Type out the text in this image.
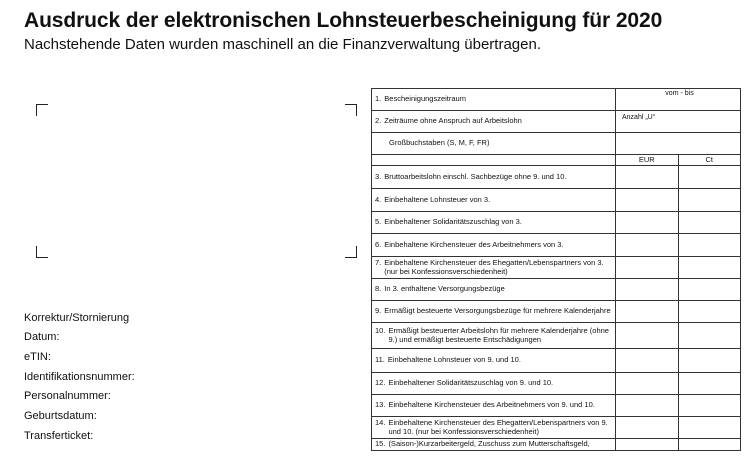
Ausdruck der elektronischen Lohnsteuerbescheinigung für 2020
Nachstehende Daten wurden maschinell an die Finanzverwaltung übertragen.
Korrektur/Stornierung
Datum:
eTIN:
Identifikationsnummer:
Personalnummer:
Geburtsdatum:
Transferticket:
1. Bescheinigungszeitraum	vom - bis	

2. Zeiträume ohne Anspruch auf Arbeitslohn	Anzahl „U“	

Großbuchstaben (S, M, F, FR)		

	EUR	Ct

3. Bruttoarbeitslohn einschl. Sachbezüge ohne 9. und 10.		

4. Einbehaltene Lohnsteuer von 3.		

5. Einbehaltener Solidaritätszuschlag von 3.		

6. Einbehaltene Kirchensteuer des Arbeitnehmers von 3.		

7. Einbehaltene Kirchensteuer des Ehegatten/Lebenspartners von 3. (nur bei Konfessionsverschiedenheit)		

8. In 3. enthaltene Versorgungsbezüge		

9. Ermäßigt besteuerte Versorgungsbezüge für mehrere Kalenderjahre		

10. Ermäßigt besteuerter Arbeitslohn für mehrere Kalenderjahre (ohne 9.) und ermäßigt besteuerte Entschädigungen		

11. Einbehaltene Lohnsteuer von 9. und 10.		

12. Einbehaltener Solidaritätszuschlag von 9. und 10.		

13. Einbehaltene Kirchensteuer des Arbeitnehmers von 9. und 10.		

14. Einbehaltene Kirchensteuer des Ehegatten/Lebenspartners von 9. und 10. (nur bei Konfessionsverschiedenheit)		

15. (Saison-)Kurzarbeitergeld, Zuschuss zum Mutterschaftsgeld,		
